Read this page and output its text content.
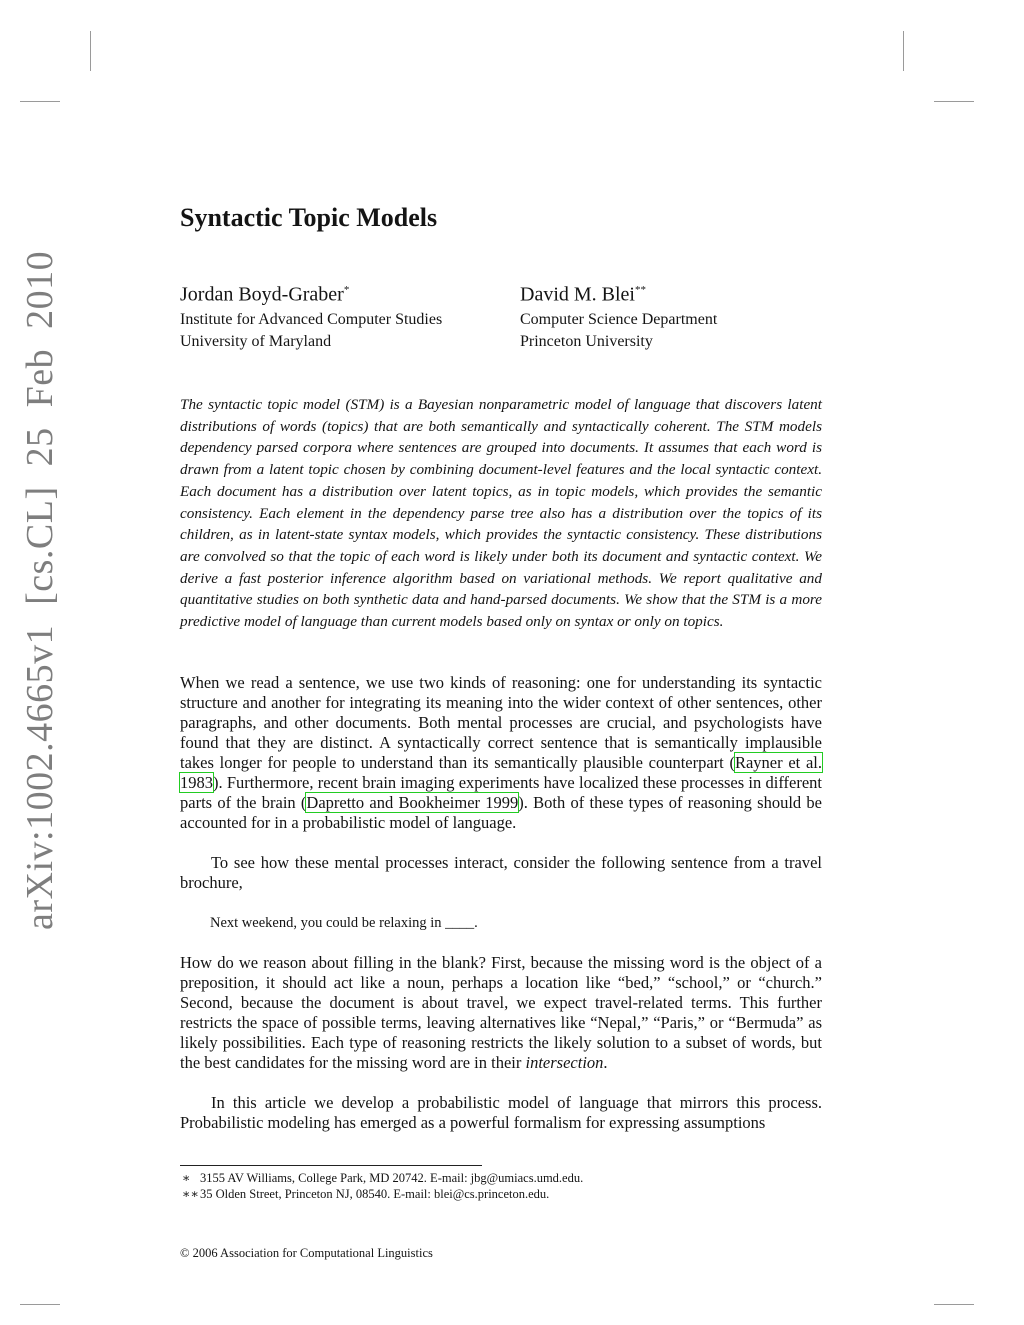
arXiv:1002.4665v1 [cs.CL] 25 Feb 2010
Syntactic Topic Models
Jordan Boyd-Graber*
Institute for Advanced Computer Studies
University of Maryland
David M. Blei**
Computer Science Department
Princeton University

The syntactic topic model (STM) is a Bayesian nonparametric model of language that discovers latent distributions of words (topics) that are both semantically and syntactically coherent. The STM models dependency parsed corpora where sentences are grouped into documents. It assumes that each word is drawn from a latent topic chosen by combining document-level features and the local syntactic context. Each document has a distribution over latent topics, as in topic models, which provides the semantic consistency. Each element in the dependency parse tree also has a distribution over the topics of its children, as in latent-state syntax models, which provides the syntactic consistency. These distributions are convolved so that the topic of each word is likely under both its document and syntactic context. We derive a fast posterior inference algorithm based on variational methods. We report qualitative and quantitative studies on both synthetic data and hand-parsed documents. We show that the STM is a more predictive model of language than current models based only on syntax or only on topics.

When we read a sentence, we use two kinds of reasoning: one for understanding its syntactic structure and another for integrating its meaning into the wider context of other sentences, other paragraphs, and other documents. Both mental processes are crucial, and psychologists have found that they are distinct. A syntactically correct sentence that is semantically implausible takes longer for people to understand than its semantically plausible counterpart (Rayner et al. 1983). Furthermore, recent brain imaging experiments have localized these processes in different parts of the brain (Dapretto and Bookheimer 1999). Both of these types of reasoning should be accounted for in a probabilistic model of language.

To see how these mental processes interact, consider the following sentence from a travel brochure,

Next weekend, you could be relaxing in ____.

How do we reason about filling in the blank? First, because the missing word is the object of a preposition, it should act like a noun, perhaps a location like “bed,” “school,” or “church.” Second, because the document is about travel, we expect travel-related terms. This further restricts the space of possible terms, leaving alternatives like “Nepal,” “Paris,” or “Bermuda” as likely possibilities. Each type of reasoning restricts the likely solution to a subset of words, but the best candidates for the missing word are in their intersection.

In this article we develop a probabilistic model of language that mirrors this process. Probabilistic modeling has emerged as a powerful formalism for expressing assumptions

∗ 3155 AV Williams, College Park, MD 20742. E-mail: jbg@umiacs.umd.edu.
∗∗35 Olden Street, Princeton NJ, 08540. E-mail: blei@cs.princeton.edu.
© 2006 Association for Computational Linguistics
